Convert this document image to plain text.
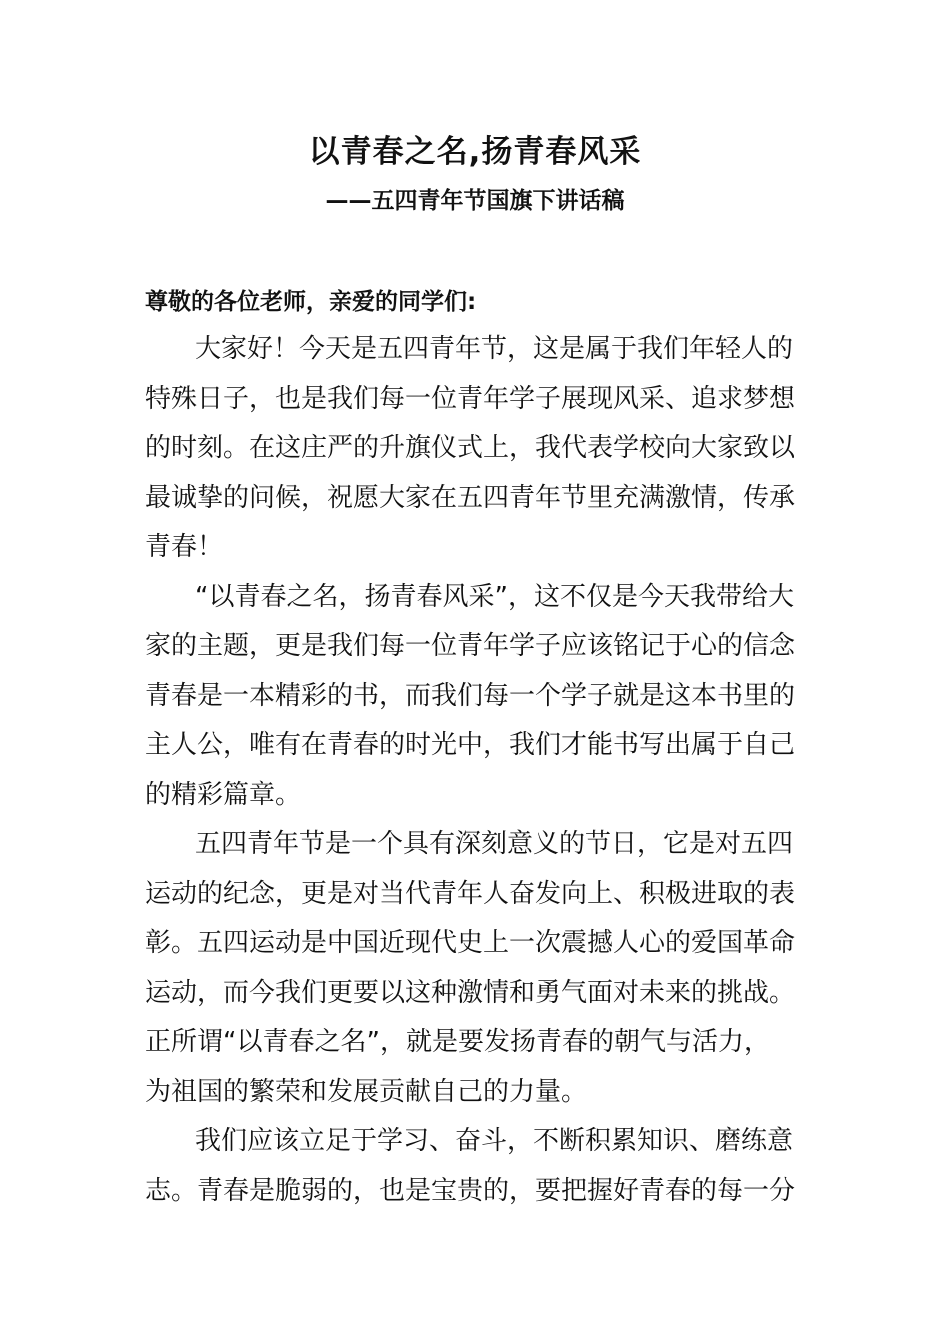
以青春之名,扬青春风采
——五四青年节国旗下讲话稿
尊敬的各位老师，亲爱的同学们:
大家好！今天是五四青年节，这是属于我们年轻人的
特殊日子，也是我们每一位青年学子展现风采、追求梦想
的时刻。在这庄严的升旗仪式上，我代表学校向大家致以
最诚挚的问候，祝愿大家在五四青年节里充满激情，传承
青春！
“以青春之名，扬青春风采”，这不仅是今天我带给大
家的主题，更是我们每一位青年学子应该铭记于心的信念
青春是一本精彩的书，而我们每一个学子就是这本书里的
主人公，唯有在青春的时光中，我们才能书写出属于自己
的精彩篇章。
五四青年节是一个具有深刻意义的节日，它是对五四
运动的纪念，更是对当代青年人奋发向上、积极进取的表
彰。五四运动是中国近现代史上一次震撼人心的爱国革命
运动，而今我们更要以这种激情和勇气面对未来的挑战。
正所谓“以青春之名”，就是要发扬青春的朝气与活力，
为祖国的繁荣和发展贡献自己的力量。
我们应该立足于学习、奋斗，不断积累知识、磨练意
志。青春是脆弱的，也是宝贵的，要把握好青春的每一分
